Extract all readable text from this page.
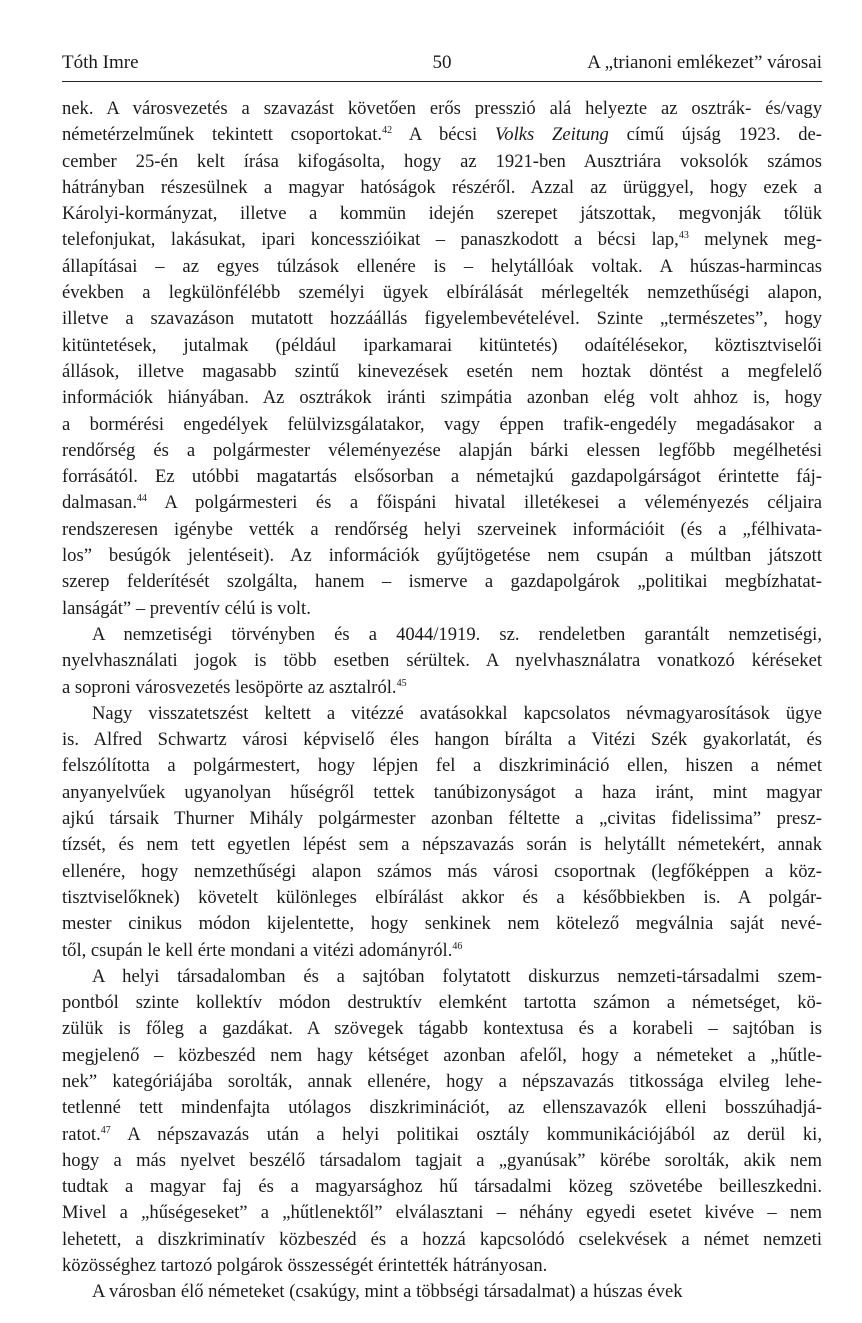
Tóth Imre	50	A „trianoni emlékezet” városai
nek. A városvezetés a szavazást követően erős presszió alá helyezte az osztrák- és/vagy
németérzelműnek tekintett csoportokat.$^{42}$ A bécsi Volks Zeitung című újság 1923. de-
cember 25-én kelt írása kifogásolta, hogy az 1921-ben Ausztriára voksolók számos
hátrányban részesülnek a magyar hatóságok részéről. Azzal az ürüggyel, hogy ezek a
Károlyi-kormányzat, illetve a kommün idején szerepet játszottak, megvonják tőlük
telefonjukat, lakásukat, ipari koncesszióikat – panaszkodott a bécsi lap,$^{43}$ melynek meg-
állapításai – az egyes túlzások ellenére is – helytállóak voltak. A húszas-harmincas
években a legkülönfélébb személyi ügyek elbírálását mérlegelték nemzethűségi alapon,
illetve a szavazáson mutatott hozzáállás figyelembevételével. Szinte „természetes”, hogy
kitüntetések, jutalmak (például iparkamarai kitüntetés) odaítélésekor, köztisztviselői
állások, illetve magasabb szintű kinevezések esetén nem hoztak döntést a megfelelő
információk hiányában. Az osztrákok iránti szimpátia azonban elég volt ahhoz is, hogy
a bormérési engedélyek felülvizsgálatakor, vagy éppen trafik-engedély megadásakor a
rendőrség és a polgármester véleményezése alapján bárki elessen legfőbb megélhetési
forrásától. Ez utóbbi magatartás elsősorban a németajkú gazdapolgárságot érintette fáj-
dalmasan.$^{44}$ A polgármesteri és a főispáni hivatal illetékesei a véleményezés céljaira
rendszeresen igénybe vették a rendőrség helyi szerveinek információit (és a „félhivata-
los” besúgók jelentéseit). Az információk gyűjtögetése nem csupán a múltban játszott
szerep felderítését szolgálta, hanem – ismerve a gazdapolgárok „politikai megbízhatat-
lanságát” – preventív célú is volt.
A nemzetiségi törvényben és a 4044/1919. sz. rendeletben garantált nemzetiségi,
nyelvhasználati jogok is több esetben sérültek. A nyelvhasználatra vonatkozó kéréseket
a soproni városvezetés lesöpörte az asztalról.$^{45}$
Nagy visszatetszést keltett a vitézzé avatásokkal kapcsolatos névmagyarosítások ügye
is. Alfred Schwartz városi képviselő éles hangon bírálta a Vitézi Szék gyakorlatát, és
felszólította a polgármestert, hogy lépjen fel a diszkrimináció ellen, hiszen a német
anyanyelvűek ugyanolyan hűségről tettek tanúbizonyságot a haza iránt, mint magyar
ajkú társaik Thurner Mihály polgármester azonban féltette a „civitas fidelissima” presz-
tízsét, és nem tett egyetlen lépést sem a népszavazás során is helytállt németekért, annak
ellenére, hogy nemzethűségi alapon számos más városi csoportnak (legfőképpen a köz-
tisztviselőknek) követelt különleges elbírálást akkor és a későbbiekben is. A polgár-
mester cinikus módon kijelentette, hogy senkinek nem kötelező megválnia saját nevé-
től, csupán le kell érte mondani a vitézi adományról.$^{46}$
A helyi társadalomban és a sajtóban folytatott diskurzus nemzeti-társadalmi szem-
pontból szinte kollektív módon destruktív elemként tartotta számon a németséget, kö-
zülük is főleg a gazdákat. A szövegek tágabb kontextusa és a korabeli – sajtóban is
megjelenő – közbeszéd nem hagy kétséget azonban afelől, hogy a németeket a „hűtle-
nek” kategóriájába sorolták, annak ellenére, hogy a népszavazás titkossága elvileg lehe-
tetlenné tett mindenfajta utólagos diszkriminációt, az ellenszavazók elleni bosszúhadjá-
ratot.$^{47}$ A népszavazás után a helyi politikai osztály kommunikációjából az derül ki,
hogy a más nyelvet beszélő társadalom tagjait a „gyanúsak” körébe sorolták, akik nem
tudtak a magyar faj és a magyarsághoz hű társadalmi közeg szövetébe beilleszkedni.
Mivel a „hűségeseket” a „hűtlenektől” elválasztani – néhány egyedi esetet kivéve – nem
lehetett, a diszkriminatív közbeszéd és a hozzá kapcsolódó cselekvések a német nemzeti
közösséghez tartozó polgárok összességét érintették hátrányosan.
A városban élő németeket (csakúgy, mint a többségi társadalmat) a húszas évek
